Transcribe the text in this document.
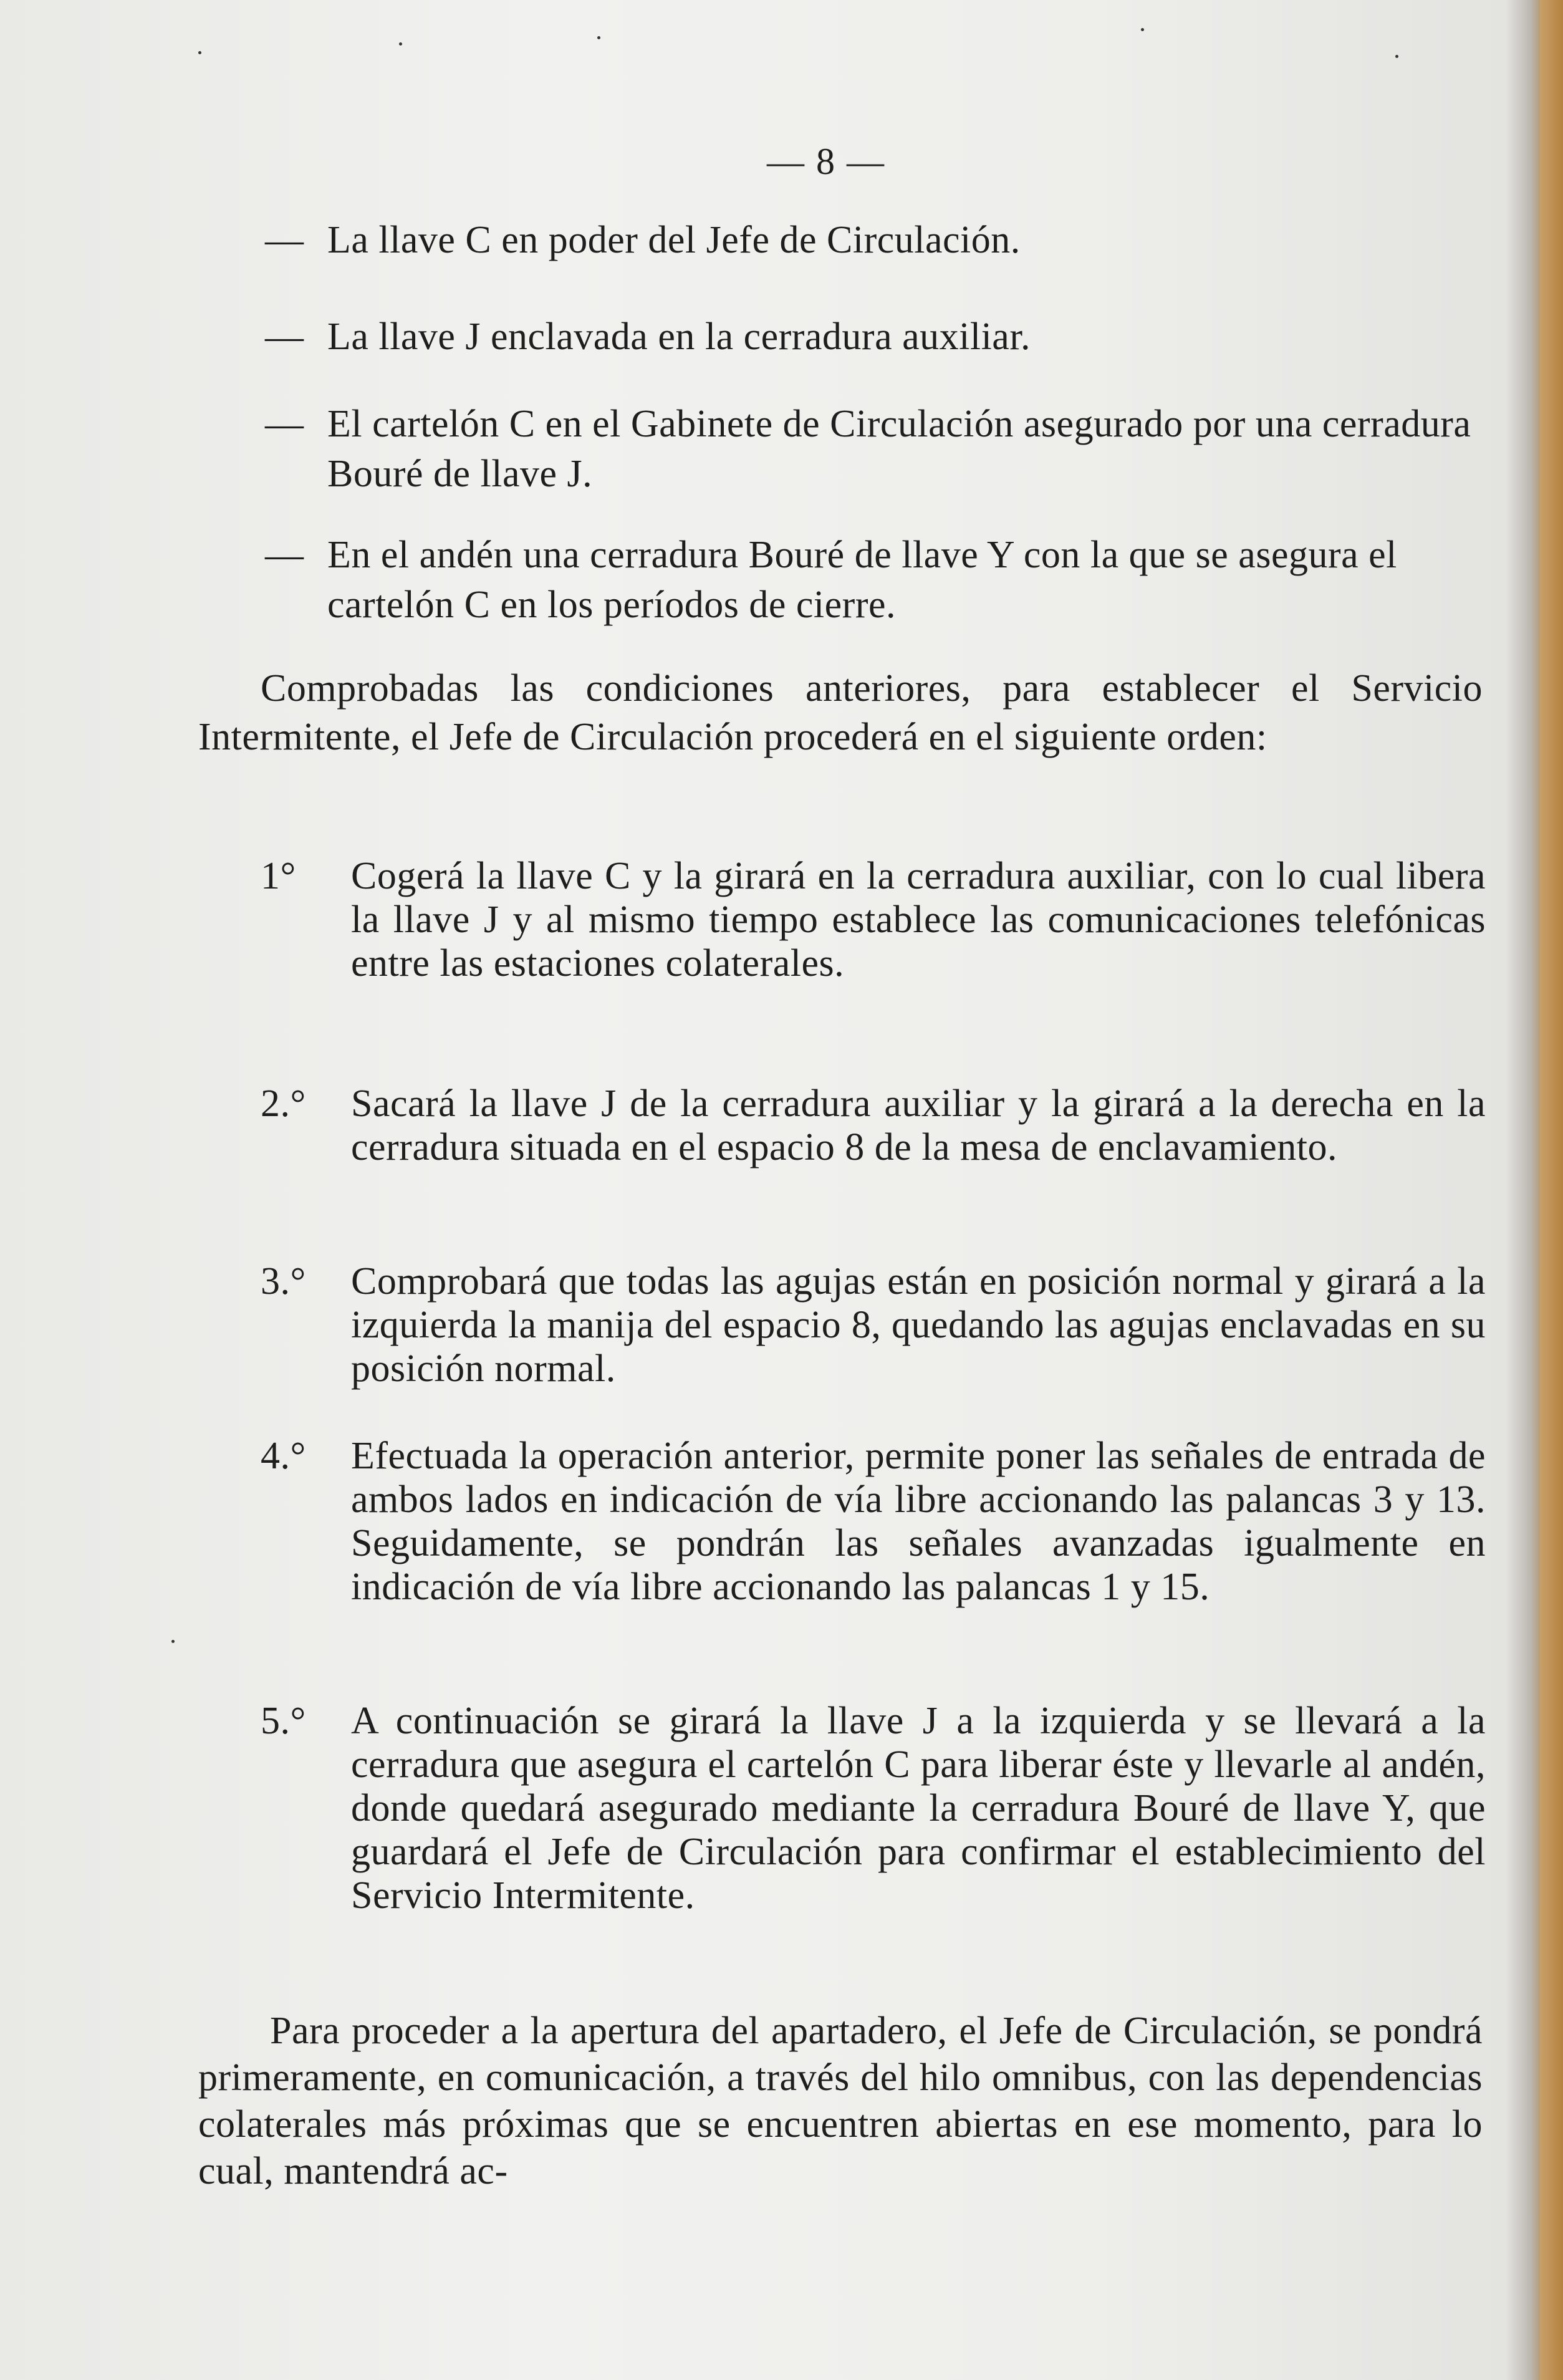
— 8 —
— La llave C en poder del Jefe de Circulación.
— La llave J enclavada en la cerradura auxiliar.
— El cartelón C en el Gabinete de Circulación asegurado por una cerradura Bouré de llave J.
— En el andén una cerradura Bouré de llave Y con la que se asegura el cartelón C en los períodos de cierre.
Comprobadas las condiciones anteriores, para establecer el Servicio Intermitente, el Jefe de Circulación procederá en el siguiente orden:
1° Cogerá la llave C y la girará en la cerradura auxiliar, con lo cual libera la llave J y al mismo tiempo establece las comunicaciones telefónicas entre las estaciones colaterales.
2.° Sacará la llave J de la cerradura auxiliar y la girará a la derecha en la cerradura situada en el espacio 8 de la mesa de enclavamiento.
3.° Comprobará que todas las agujas están en posición normal y girará a la izquierda la manija del espacio 8, quedando las agujas enclavadas en su posición normal.
4.° Efectuada la operación anterior, permite poner las señales de entrada de ambos lados en indicación de vía libre accionando las palancas 3 y 13. Seguidamente, se pondrán las señales avanzadas igualmente en indicación de vía libre accionando las palancas 1 y 15.
5.° A continuación se girará la llave J a la izquierda y se llevará a la cerradura que asegura el cartelón C para liberar éste y llevarle al andén, donde quedará asegurado mediante la cerradura Bouré de llave Y, que guardará el Jefe de Circulación para confirmar el establecimiento del Servicio Intermitente.
Para proceder a la apertura del apartadero, el Jefe de Circulación, se pondrá primeramente, en comunicación, a través del hilo omnibus, con las dependencias colaterales más próximas que se encuentren abiertas en ese momento, para lo cual, mantendrá ac-
